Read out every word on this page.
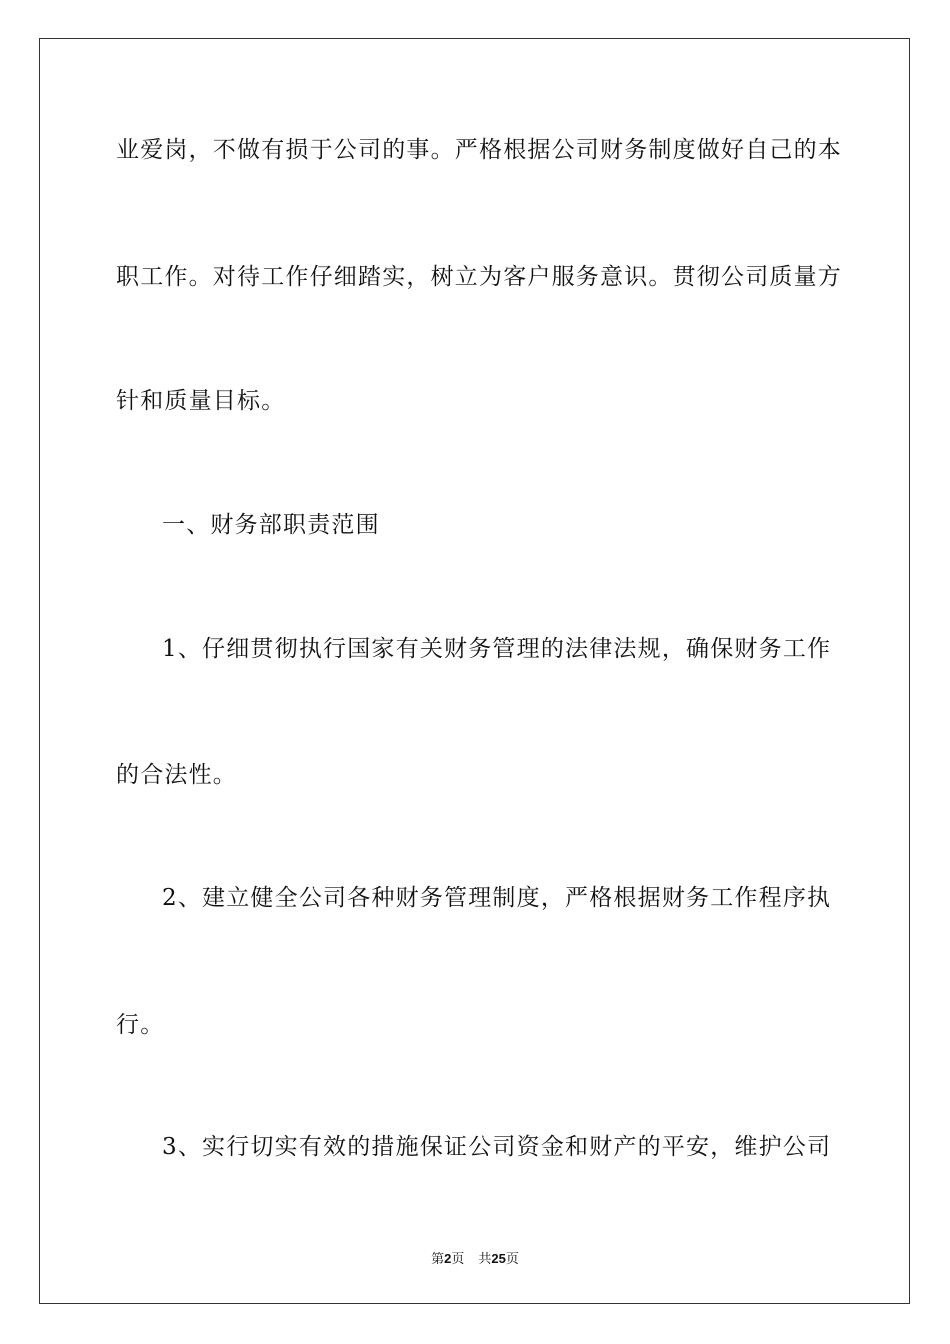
业爱岗，不做有损于公司的事。严格根据公司财务制度做好自己的本
职工作。对待工作仔细踏实，树立为客户服务意识。贯彻公司质量方
针和质量目标。
一、财务部职责范围
1、仔细贯彻执行国家有关财务管理的法律法规，确保财务工作
的合法性。
2、建立健全公司各种财务管理制度，严格根据财务工作程序执
行。
3、实行切实有效的措施保证公司资金和财产的平安，维护公司
第2页 共25页
